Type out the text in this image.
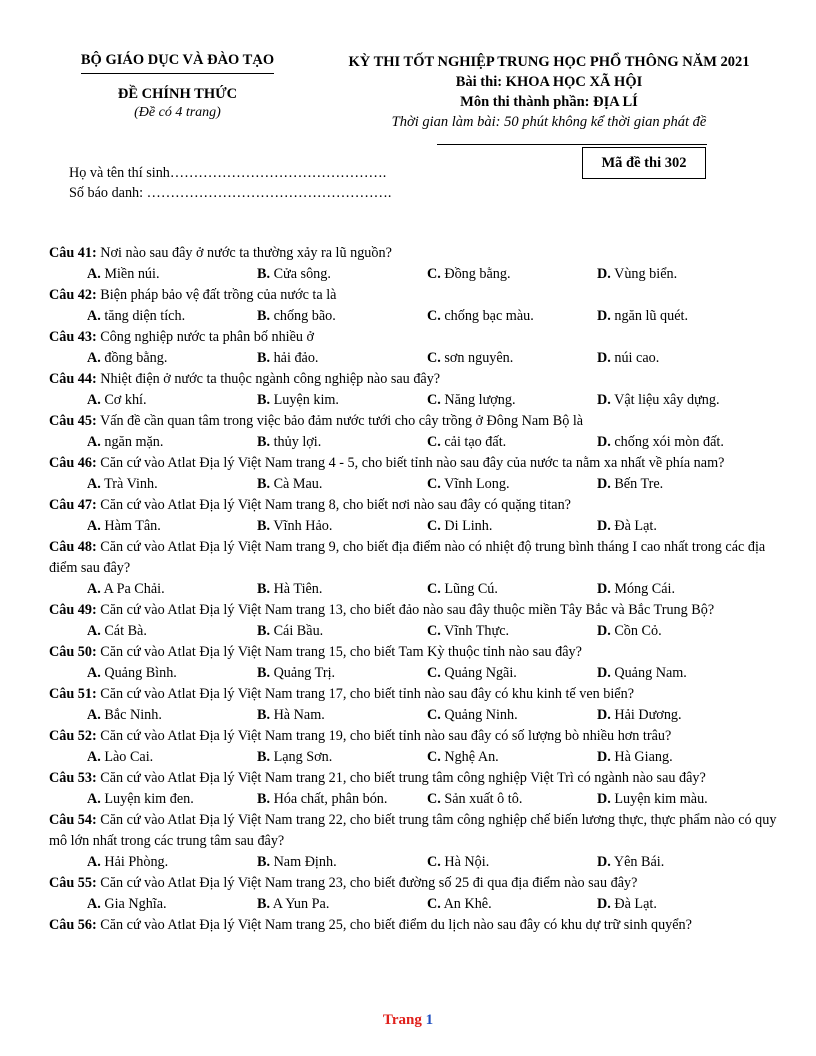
BỘ GIÁO DỤC VÀ ĐÀO TẠO
ĐỀ CHÍNH THỨC
(Đề có 4 trang)
KỲ THI TỐT NGHIỆP TRUNG HỌC PHỔ THÔNG NĂM 2021
Bài thi: KHOA HỌC XÃ HỘI
Môn thi thành phần: ĐỊA LÍ
Thời gian làm bài: 50 phút không kể thời gian phát đề
Mã đề thi 302
Họ và tên thí sinh……………………………………….
Số báo danh: …………………………………………….
Câu 41: Nơi nào sau đây ở nước ta thường xảy ra lũ nguồn?
A. Miền núi.	B. Cửa sông.	C. Đồng bằng.	D. Vùng biển.
Câu 42: Biện pháp bảo vệ đất trồng của nước ta là
A. tăng diện tích.	B. chống bão.	C. chống bạc màu.	D. ngăn lũ quét.
Câu 43: Công nghiệp nước ta phân bố nhiều ở
A. đồng bằng.	B. hải đảo.	C. sơn nguyên.	D. núi cao.
Câu 44: Nhiệt điện ở nước ta thuộc ngành công nghiệp nào sau đây?
A. Cơ khí.	B. Luyện kim.	C. Năng lượng.	D. Vật liệu xây dựng.
Câu 45: Vấn đề cần quan tâm trong việc bảo đảm nước tưới cho cây trồng ở Đông Nam Bộ là
A. ngăn mặn.	B. thủy lợi.	C. cải tạo đất.	D. chống xói mòn đất.
Câu 46: Căn cứ vào Atlat Địa lý Việt Nam trang 4 - 5, cho biết tỉnh nào sau đây của nước ta nằm xa nhất về phía nam?
A. Trà Vinh.	B. Cà Mau.	C. Vĩnh Long.	D. Bến Tre.
Câu 47: Căn cứ vào Atlat Địa lý Việt Nam trang 8, cho biết nơi nào sau đây có quặng titan?
A. Hàm Tân.	B. Vĩnh Hảo.	C. Di Linh.	D. Đà Lạt.
Câu 48: Căn cứ vào Atlat Địa lý Việt Nam trang 9, cho biết địa điểm nào có nhiệt độ trung bình tháng I cao nhất trong các địa điểm sau đây?
A. A Pa Chải.	B. Hà Tiên.	C. Lũng Cú.	D. Móng Cái.
Câu 49: Căn cứ vào Atlat Địa lý Việt Nam trang 13, cho biết đảo nào sau đây thuộc miền Tây Bắc và Bắc Trung Bộ?
A. Cát Bà.	B. Cái Bầu.	C. Vĩnh Thực.	D. Cồn Cỏ.
Câu 50: Căn cứ vào Atlat Địa lý Việt Nam trang 15, cho biết Tam Kỳ thuộc tỉnh nào sau đây?
A. Quảng Bình.	B. Quảng Trị.	C. Quảng Ngãi.	D. Quảng Nam.
Câu 51: Căn cứ vào Atlat Địa lý Việt Nam trang 17, cho biết tỉnh nào sau đây có khu kinh tế ven biển?
A. Bắc Ninh.	B. Hà Nam.	C. Quảng Ninh.	D. Hải Dương.
Câu 52: Căn cứ vào Atlat Địa lý Việt Nam trang 19, cho biết tỉnh nào sau đây có số lượng bò nhiều hơn trâu?
A. Lào Cai.	B. Lạng Sơn.	C. Nghệ An.	D. Hà Giang.
Câu 53: Căn cứ vào Atlat Địa lý Việt Nam trang 21, cho biết trung tâm công nghiệp Việt Trì có ngành nào sau đây?
A. Luyện kim đen.	B. Hóa chất, phân bón.	C. Sản xuất ô tô.	D. Luyện kim màu.
Câu 54: Căn cứ vào Atlat Địa lý Việt Nam trang 22, cho biết trung tâm công nghiệp chế biến lương thực, thực phẩm nào có quy mô lớn nhất trong các trung tâm sau đây?
A. Hải Phòng.	B. Nam Định.	C. Hà Nội.	D. Yên Bái.
Câu 55: Căn cứ vào Atlat Địa lý Việt Nam trang 23, cho biết đường số 25 đi qua địa điểm nào sau đây?
A. Gia Nghĩa.	B. A Yun Pa.	C. An Khê.	D. Đà Lạt.
Câu 56: Căn cứ vào Atlat Địa lý Việt Nam trang 25, cho biết điểm du lịch nào sau đây có khu dự trữ sinh quyển?
Trang 1
